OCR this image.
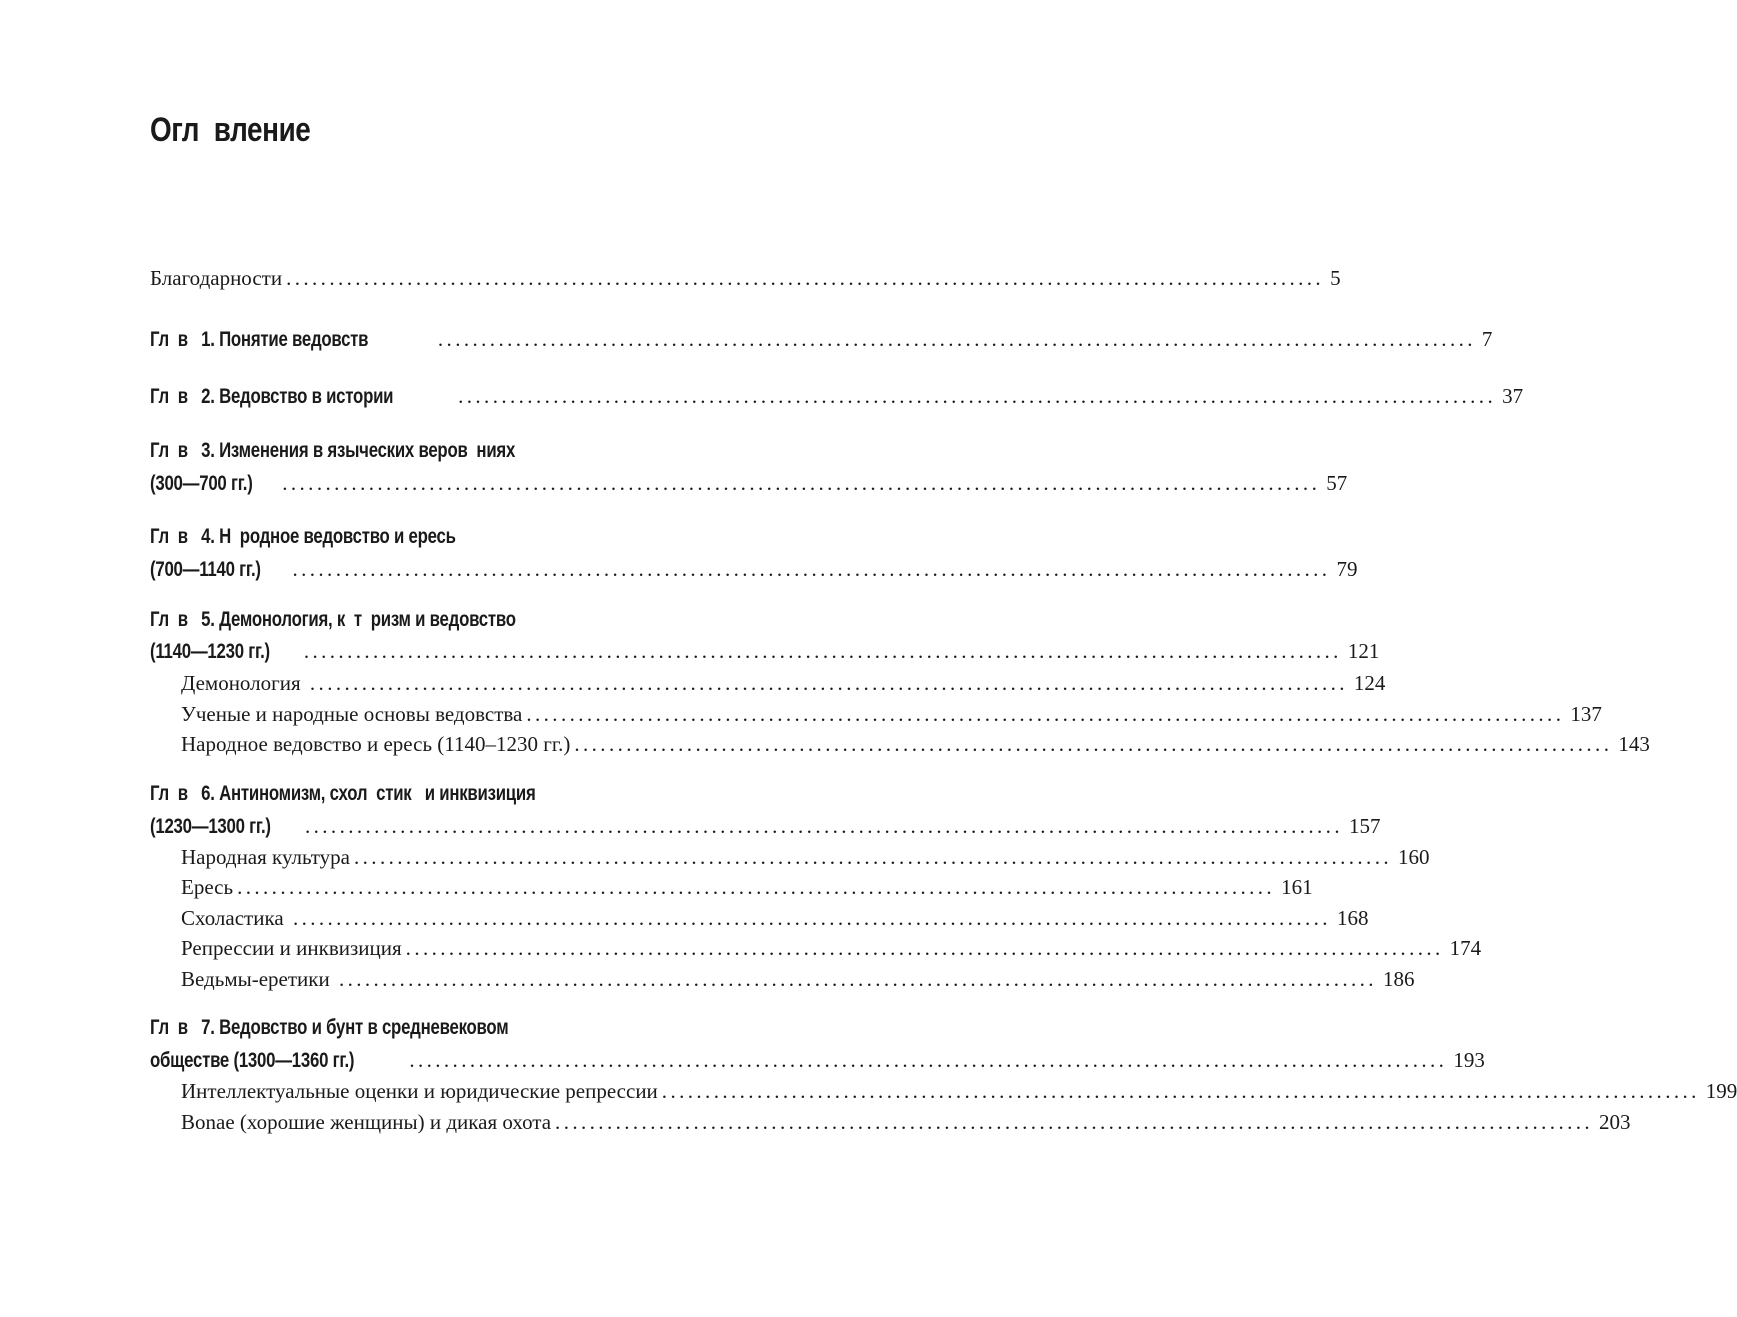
Огл  вление
Благодарности ........................................................................................................................ 5
Гл  в   1. Понятие ведовств	........................................................................................................................ 7
Гл  в   2. Ведовство в истории	........................................................................................................................ 37
Гл  в   3. Изменения в языческих веров  ниях
(300—700 гг.)	........................................................................................................................ 57
Гл  в   4. Н  родное ведовство и ересь
(700—1140 гг.)	........................................................................................................................ 79
Гл  в   5. Демонология, к  т  ризм и ведовство
(1140—1230 гг.)	........................................................................................................................ 121
Демонология ........................................................................................................................ 124
Ученые и народные основы ведовства ........................................................................................................................ 137
Народное ведовство и ересь (1140–1230 гг.) ........................................................................................................................ 143
Гл  в   6. Антиномизм, схол  стик   и инквизиция
(1230—1300 гг.)	........................................................................................................................ 157
Народная культура ........................................................................................................................ 160
Ересь ........................................................................................................................ 161
Схоластика ........................................................................................................................ 168
Репрессии и инквизиция ........................................................................................................................ 174
Ведьмы-еретики ........................................................................................................................ 186
Гл  в   7. Ведовство и бунт в средневековом
обществе (1300—1360 гг.)	........................................................................................................................ 193
Интеллектуальные оценки и юридические репрессии ........................................................................................................................ 199
Bonae (хорошие женщины) и дикая охота ........................................................................................................................ 203
